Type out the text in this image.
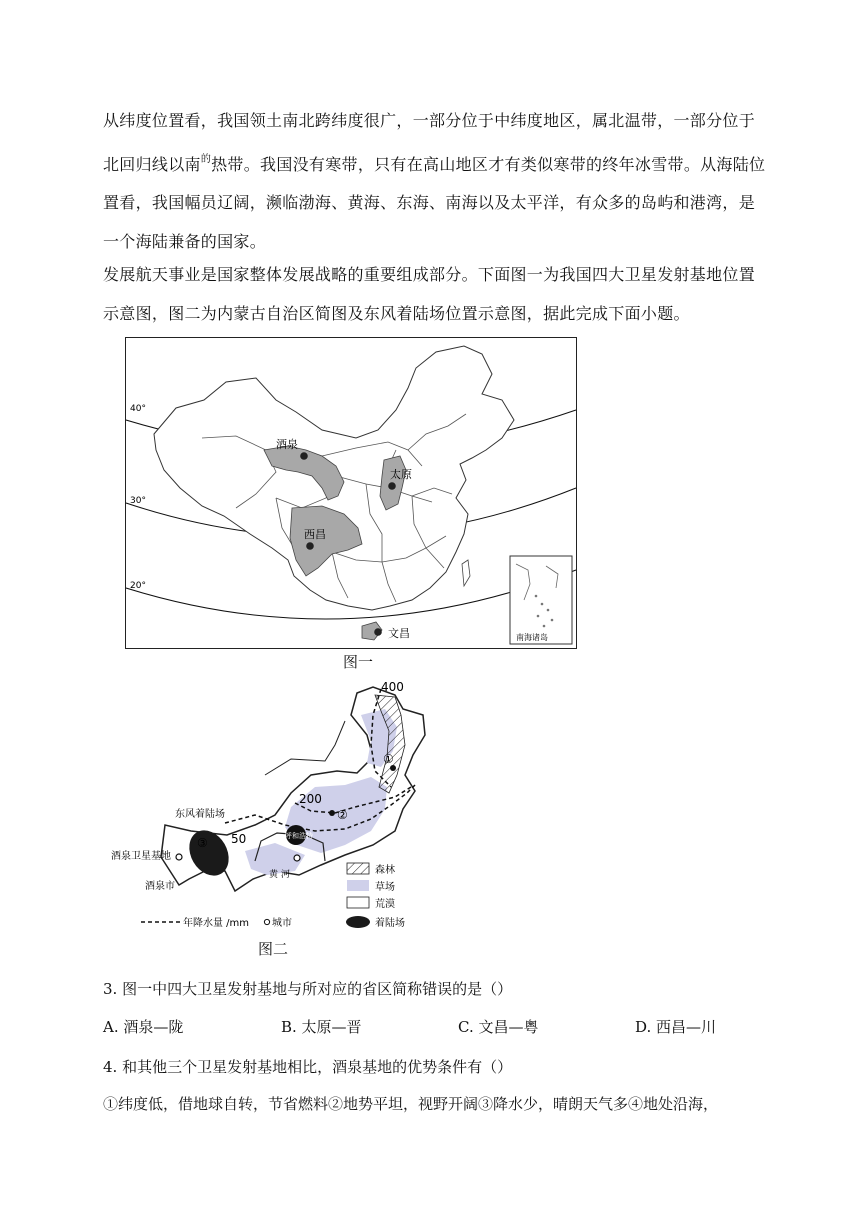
从纬度位置看，我国领土南北跨纬度很广，一部分位于中纬度地区，属北温带，一部分位于北回归线以南$^的$热带。我国没有寒带，只有在高山地区才有类似寒带的终年冰雪带。从海陆位置看，我国幅员辽阔，濒临渤海、黄海、东海、南海以及太平洋，有众多的岛屿和港湾，是一个海陆兼备的国家。
发展航天事业是国家整体发展战略的重要组成部分。下面图一为我国四大卫星发射基地位置示意图，图二为内蒙古自治区简图及东风着陆场位置示意图，据此完成下面小题。
40°
30°
20°
酒泉
太原
西昌
文昌	南海诸岛
图一
400
200
50
①
②
③
东风着陆场
酒泉卫星基地
酒泉市
呼和浩特
黄 河	森林
草场
荒漠
着陆场
年降水量 /mm 城市
图二
3. 图一中四大卫星发射基地与所对应的省区简称错误的是（）
A. 酒泉—陇	B. 太原—晋	C. 文昌—粤	D. 西昌—川
4. 和其他三个卫星发射基地相比，酒泉基地的优势条件有（）
①纬度低，借地球自转，节省燃料②地势平坦，视野开阔③降水少，晴朗天气多④地处沿海，
